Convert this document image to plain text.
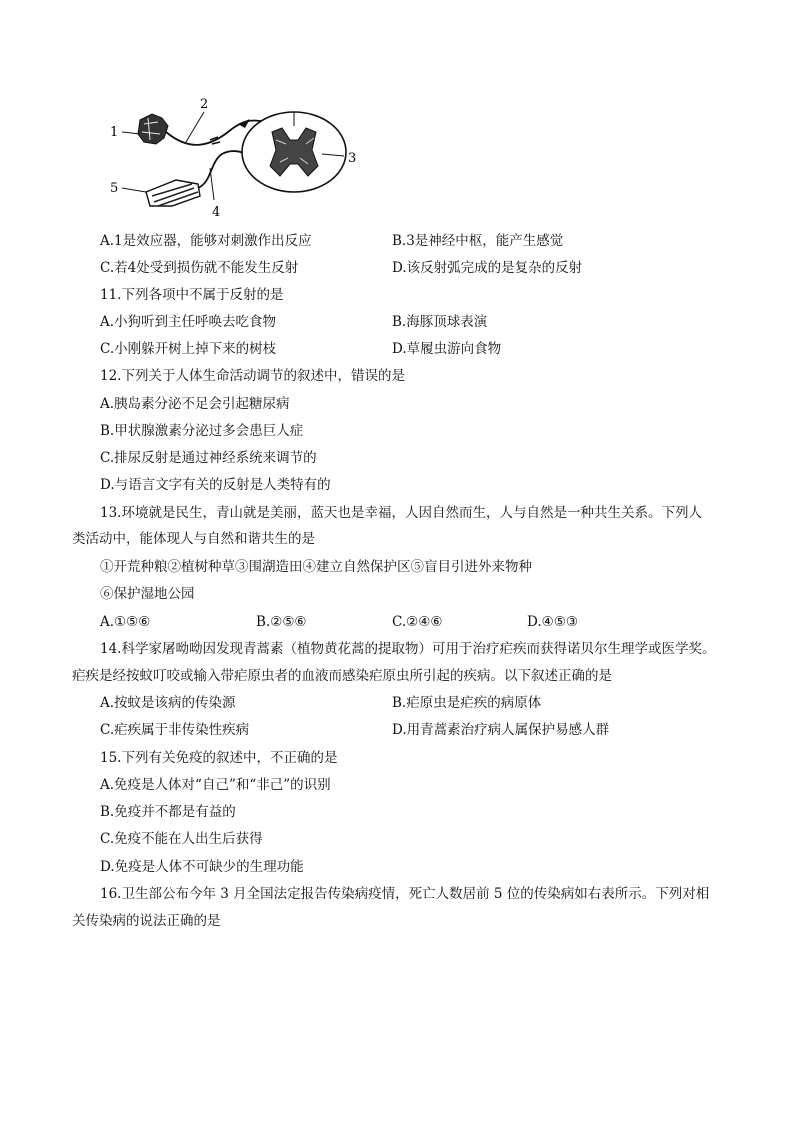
1
2
3
4
5
A.1是效应器，能够对刺激作出反应	B.3是神经中枢，能产生感觉
C.若4处受到损伤就不能发生反射	D.该反射弧完成的是复杂的反射
11.下列各项中不属于反射的是
A.小狗听到主任呼唤去吃食物	B.海豚顶球表演
C.小刚躲开树上掉下来的树枝	D.草履虫游向食物
12.下列关于人体生命活动调节的叙述中，错误的是
A.胰岛素分泌不足会引起糖尿病
B.甲状腺激素分泌过多会患巨人症
C.排尿反射是通过神经系统来调节的
D.与语言文字有关的反射是人类特有的
13.环境就是民生，青山就是美丽，蓝天也是幸福，人因自然而生，人与自然是一种共生关系。下列人
类活动中，能体现人与自然和谐共生的是
①开荒种粮②植树种草③围湖造田④建立自然保护区⑤盲目引进外来物种
⑥保护湿地公园
A.①⑤⑥	B.②⑤⑥	C.②④⑥	D.④⑤③
14.科学家屠呦呦因发现青蒿素（植物黄花蒿的提取物）可用于治疗疟疾而获得诺贝尔生理学或医学奖。
疟疾是经按蚊叮咬或输入带疟原虫者的血液而感染疟原虫所引起的疾病。以下叙述正确的是
A.按蚊是该病的传染源	B.疟原虫是疟疾的病原体
C.疟疾属于非传染性疾病	D.用青蒿素治疗病人属保护易感人群
15.下列有关免疫的叙述中，不正确的是
A.免疫是人体对“自己”和“非己”的识别
B.免疫并不都是有益的
C.免疫不能在人出生后获得
D.免疫是人体不可缺少的生理功能
16.卫生部公布今年 3 月全国法定报告传染病疫情，死亡人数居前 5 位的传染病如右表所示。下列对相
关传染病的说法正确的是
